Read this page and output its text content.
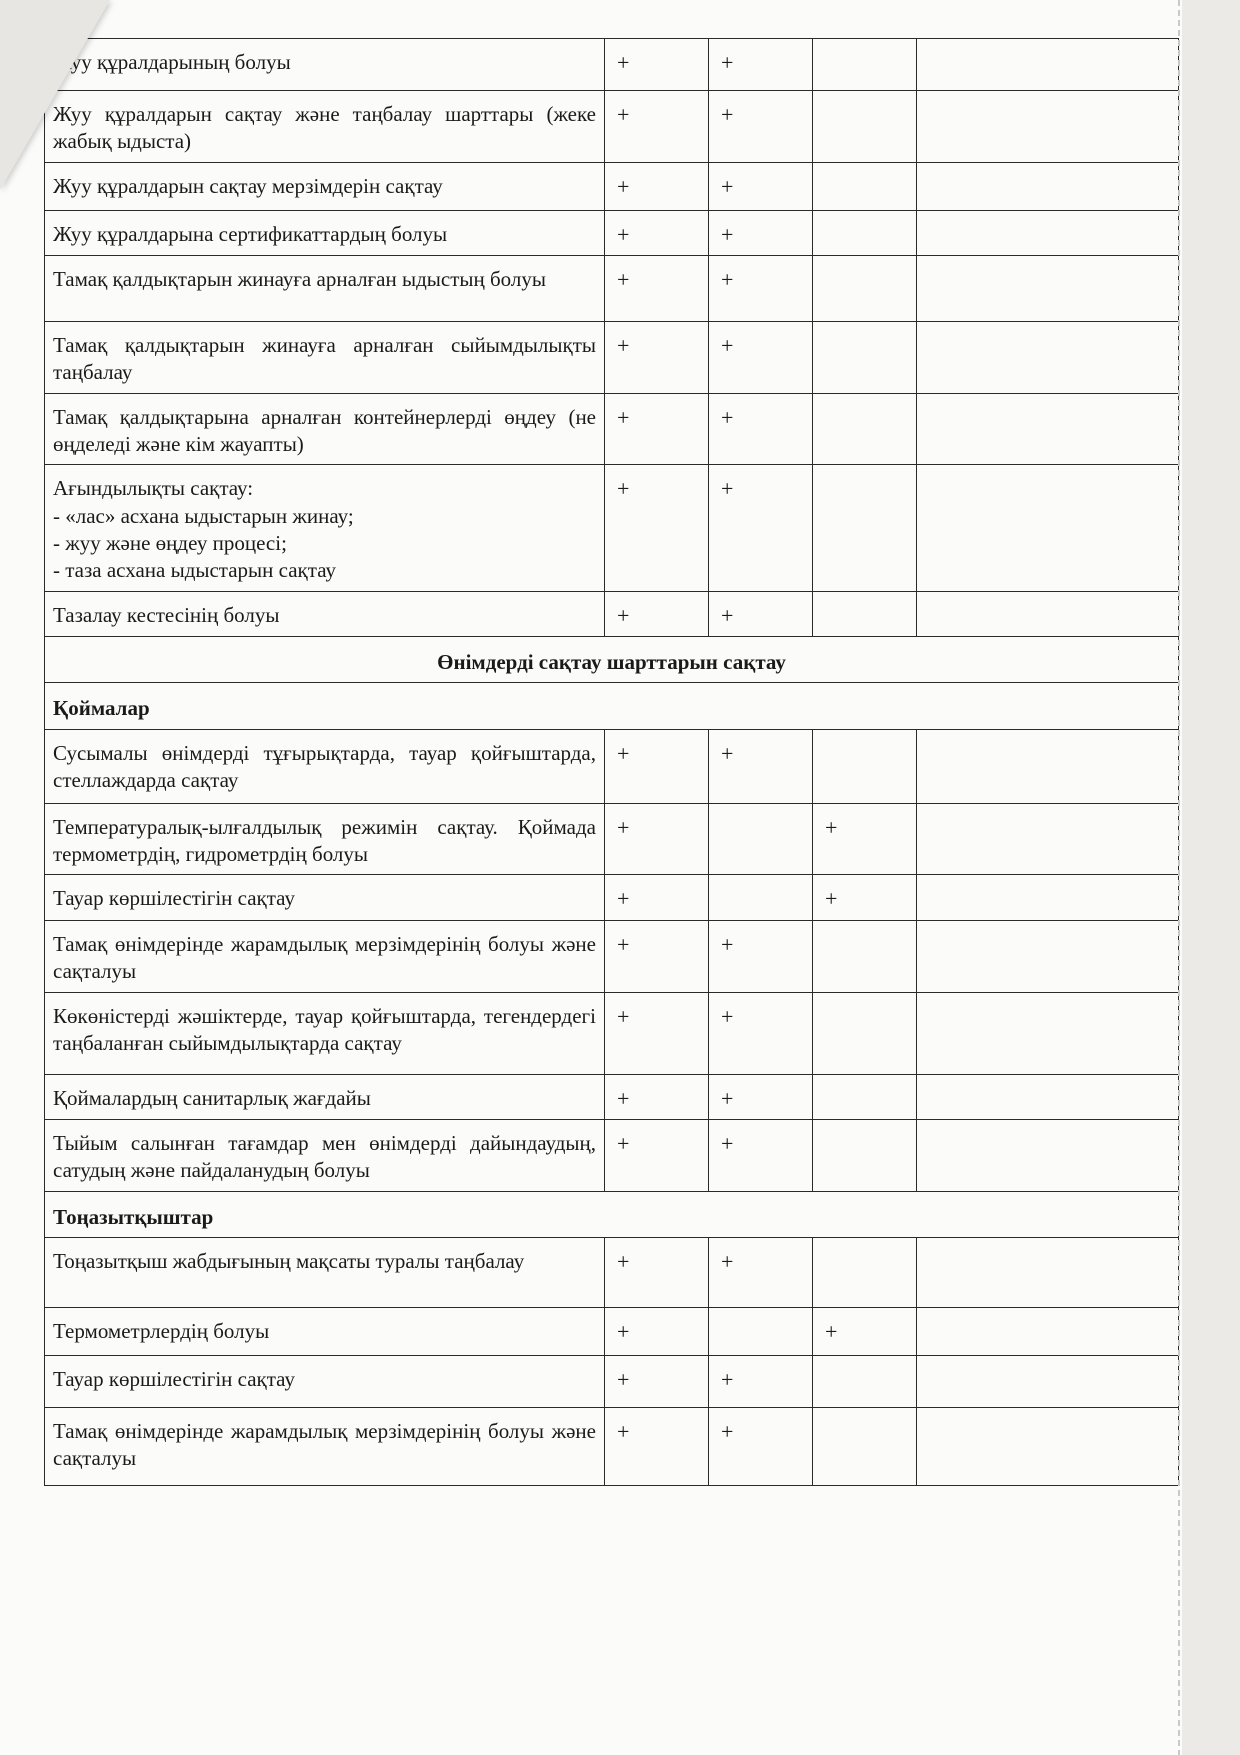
Жуу құралдарының болуы	+	+		
Жуу құралдарын сақтау және таңбалау шарттары (жеке жабық ыдыста)	+	+		
Жуу құралдарын сақтау мерзімдерін сақтау	+	+		
Жуу құралдарына сертификаттардың болуы	+	+		
Тамақ қалдықтарын жинауға арналған ыдыстың болуы	+	+		
Тамақ қалдықтарын жинауға арналған сыйымдылықты таңбалау	+	+		
Тамақ қалдықтарына арналған контейнерлерді өңдеу (не өңделеді және кім жауапты)	+	+		

Ағындылықты сақтау:
- «лас» асхана ыдыстарын жинау;
- жуу және өңдеу процесі;
- таза асхана ыдыстарын сақтау	+	+		
Тазалау кестесінің болуы	+	+		
Өнімдерді сақтау шарттарын сақтау				
Қоймалар				
Сусымалы өнімдерді тұғырықтарда, тауар қойғыштарда, стеллаждарда сақтау	+	+		
Температуралық-ылғалдылық режимін сақтау. Қоймада термометрдің, гидрометрдің болуы	+		+	
Тауар көршілестігін сақтау	+		+	
Тамақ өнімдерінде жарамдылық мерзімдерінің болуы және сақталуы	+	+		
Көкөністерді жәшіктерде, тауар қойғыштарда, тегендердегі таңбаланған сыйымдылықтарда сақтау	+	+		
Қоймалардың санитарлық жағдайы	+	+		
Тыйым салынған тағамдар мен өнімдерді дайындаудың, сатудың және пайдаланудың болуы	+	+		
Тоңазытқыштар				
Тоңазытқыш жабдығының мақсаты туралы таңбалау	+	+		
Термометрлердің болуы	+		+	
Тауар көршілестігін сақтау	+	+		
Тамақ өнімдерінде жарамдылық мерзімдерінің болуы және сақталуы	+	+		
